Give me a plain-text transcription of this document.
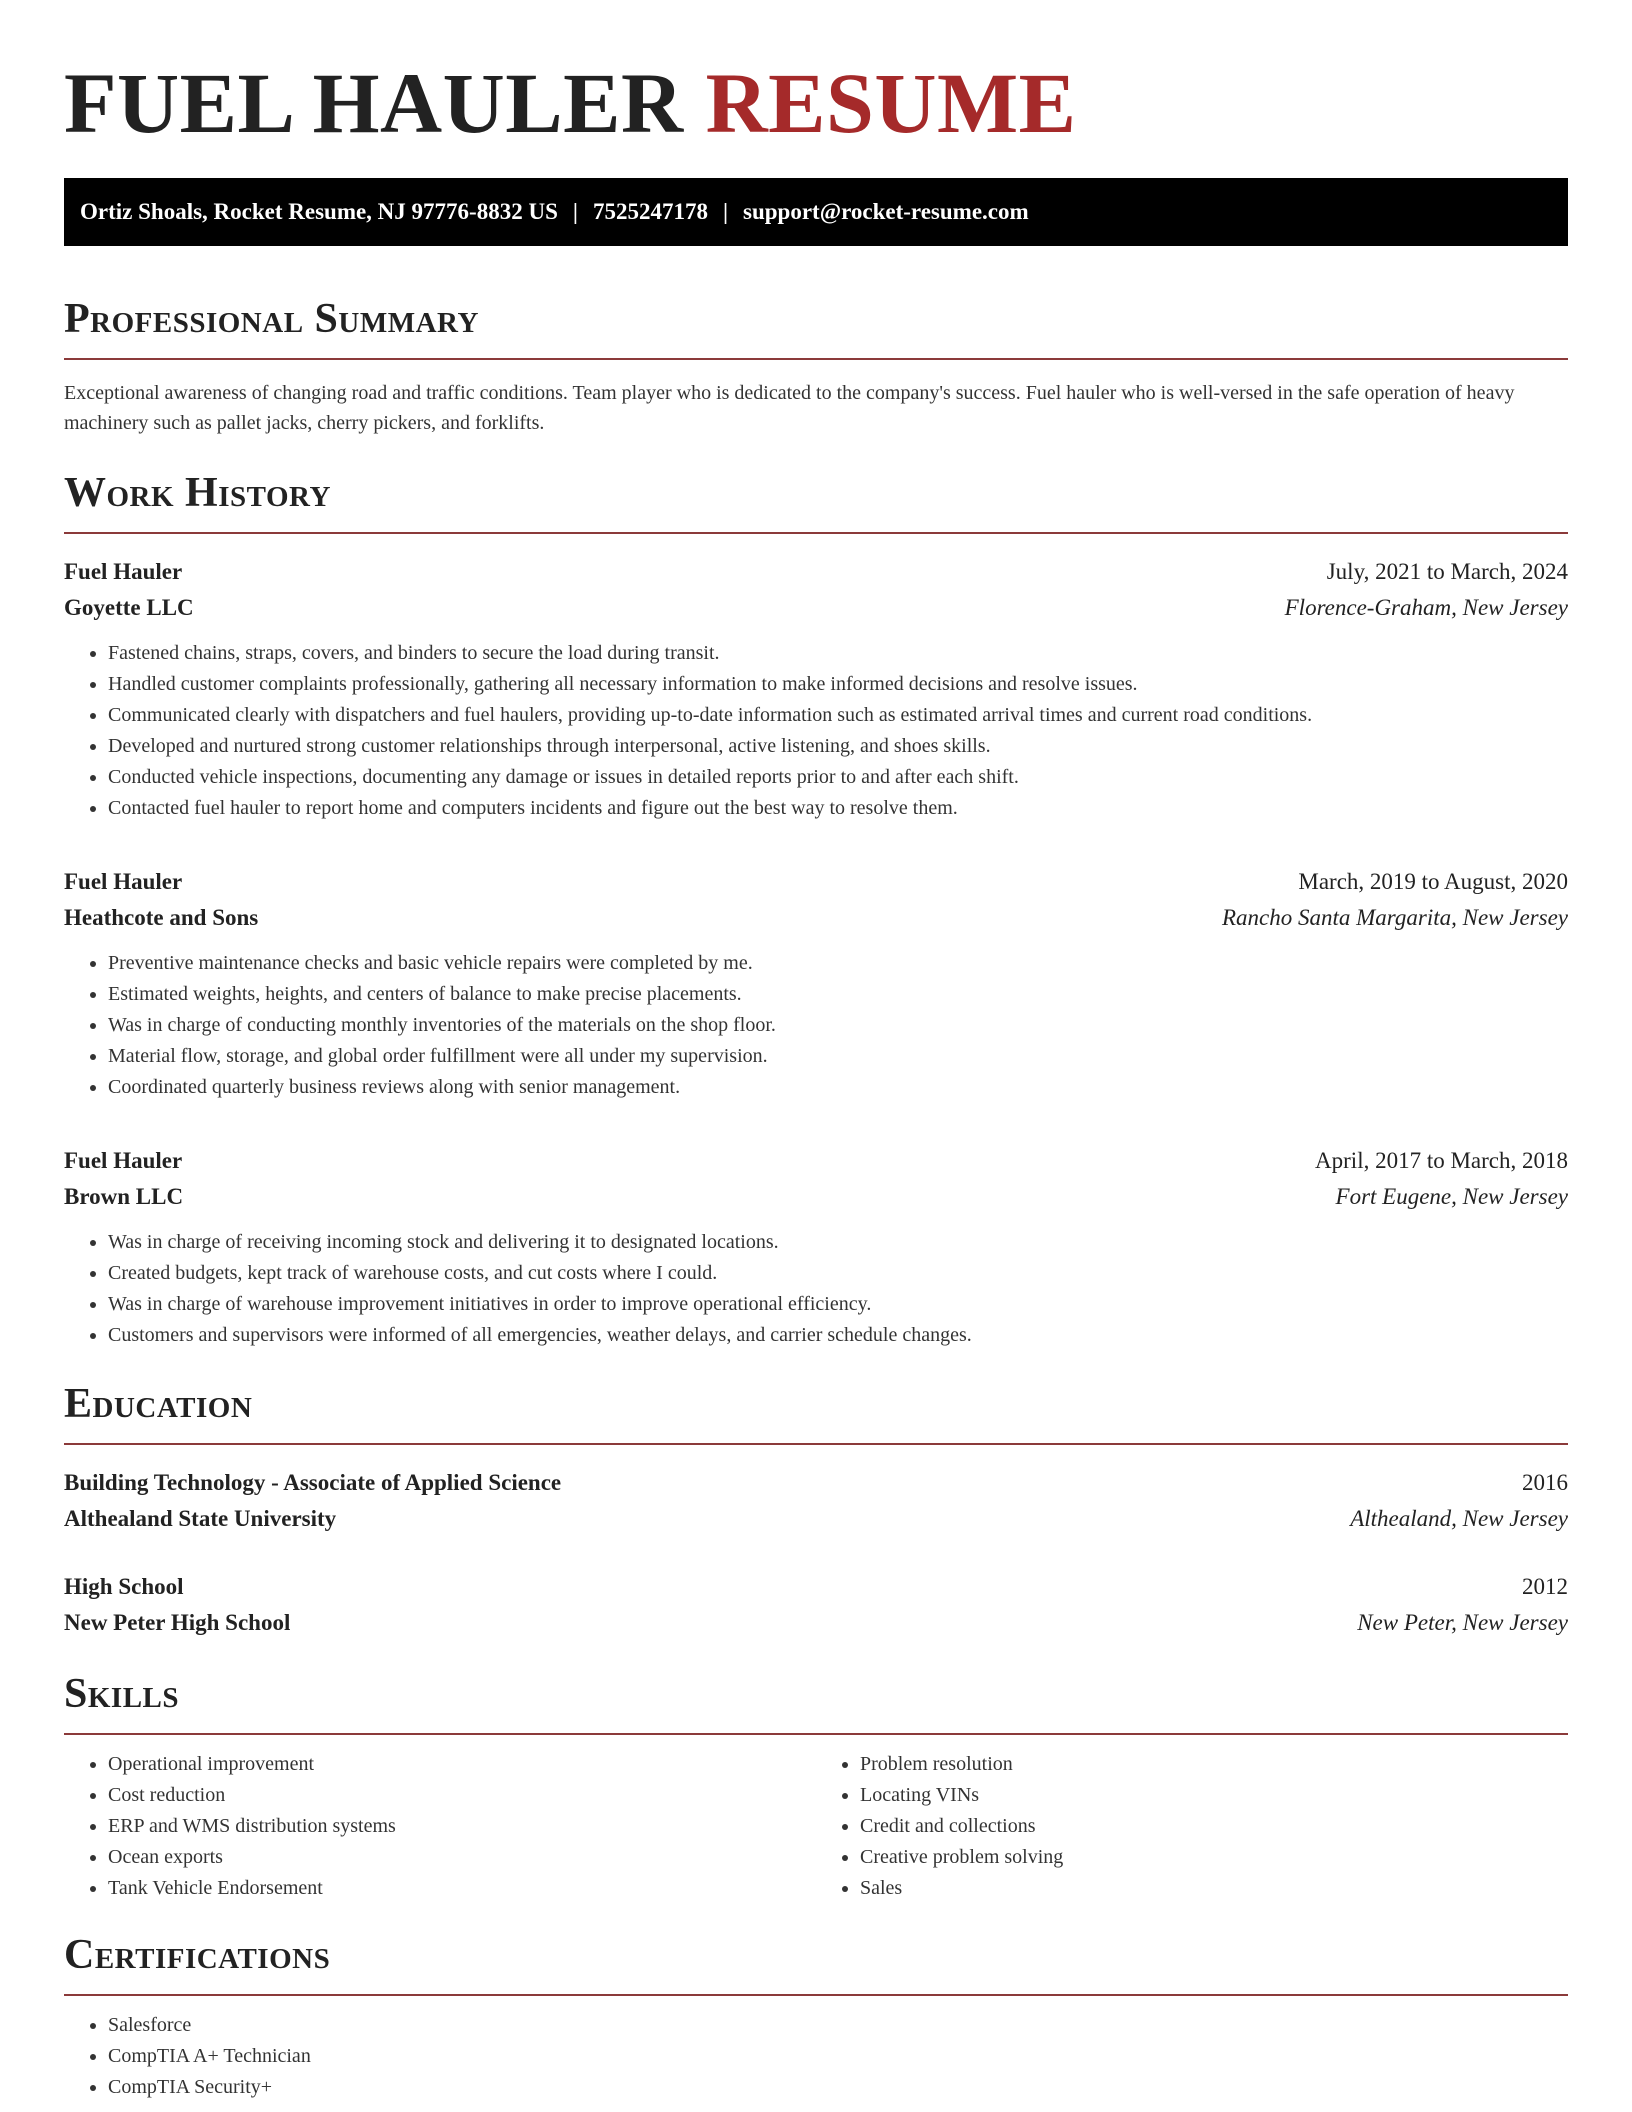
FUEL HAULER RESUME
Ortiz Shoals, Rocket Resume, NJ 97776-8832 US | 7525247178 | support@rocket-resume.com
Professional Summary

Exceptional awareness of changing road and traffic conditions. Team player who is dedicated to the company's success. Fuel hauler who is well-versed in the safe operation of heavy machinery such as pallet jacks, cherry pickers, and forklifts.

Work History
Fuel Hauler	July, 2021 to March, 2024
Goyette LLC	Florence-Graham, New Jersey
• Fastened chains, straps, covers, and binders to secure the load during transit.
• Handled customer complaints professionally, gathering all necessary information to make informed decisions and resolve issues.
• Communicated clearly with dispatchers and fuel haulers, providing up-to-date information such as estimated arrival times and current road conditions.
• Developed and nurtured strong customer relationships through interpersonal, active listening, and shoes skills.
• Conducted vehicle inspections, documenting any damage or issues in detailed reports prior to and after each shift.
• Contacted fuel hauler to report home and computers incidents and figure out the best way to resolve them.
Fuel Hauler	March, 2019 to August, 2020
Heathcote and Sons	Rancho Santa Margarita, New Jersey
• Preventive maintenance checks and basic vehicle repairs were completed by me.
• Estimated weights, heights, and centers of balance to make precise placements.
• Was in charge of conducting monthly inventories of the materials on the shop floor.
• Material flow, storage, and global order fulfillment were all under my supervision.
• Coordinated quarterly business reviews along with senior management.
Fuel Hauler	April, 2017 to March, 2018
Brown LLC	Fort Eugene, New Jersey
• Was in charge of receiving incoming stock and delivering it to designated locations.
• Created budgets, kept track of warehouse costs, and cut costs where I could.
• Was in charge of warehouse improvement initiatives in order to improve operational efficiency.
• Customers and supervisors were informed of all emergencies, weather delays, and carrier schedule changes.
Education
Building Technology - Associate of Applied Science	2016
Althealand State University	Althealand, New Jersey
High School	2012
New Peter High School	New Peter, New Jersey
Skills
• Operational improvement
• Cost reduction
• ERP and WMS distribution systems
• Ocean exports
• Tank Vehicle Endorsement
• Problem resolution
• Locating VINs
• Credit and collections
• Creative problem solving
• Sales
Certifications
• Salesforce
• CompTIA A+ Technician
• CompTIA Security+
